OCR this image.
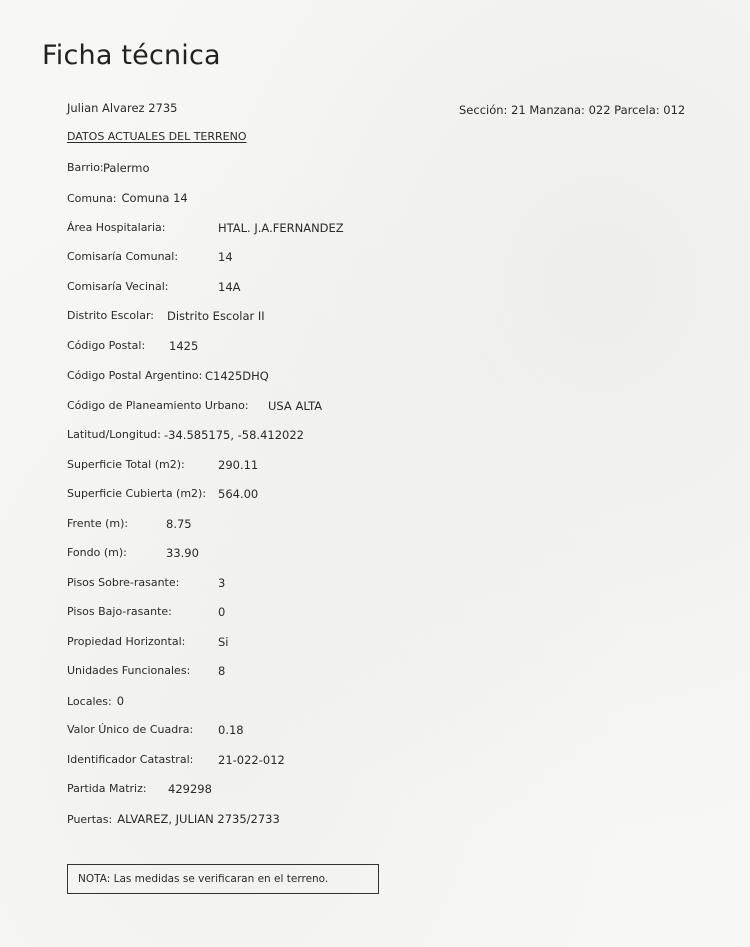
Ficha técnica
Julian Alvarez 2735	Sección: 21 Manzana: 022 Parcela: 012
DATOS ACTUALES DEL TERRENO
Barrio: Palermo
Comuna: Comuna 14
Área Hospitalaria:	HTAL. J.A.FERNANDEZ
Comisaría Comunal:	14
Comisaría Vecinal:	14A
Distrito Escolar: Distrito Escolar II
Código Postal: 1425
Código Postal Argentino: C1425DHQ
Código de Planeamiento Urbano: USA ALTA
Latitud/Longitud: -34.585175, -58.412022
Superficie Total (m2):	290.11
Superficie Cubierta (m2): 564.00
Frente (m):	8.75
Fondo (m):	33.90
Pisos Sobre-rasante:	3
Pisos Bajo-rasante:	0
Propiedad Horizontal:	Si
Unidades Funcionales: 8
Locales: 0
Valor Único de Cuadra: 0.18
Identificador Catastral: 21-022-012
Partida Matriz: 429298
Puertas: ALVAREZ, JULIAN 2735/2733
NOTA: Las medidas se verificaran en el terreno.
